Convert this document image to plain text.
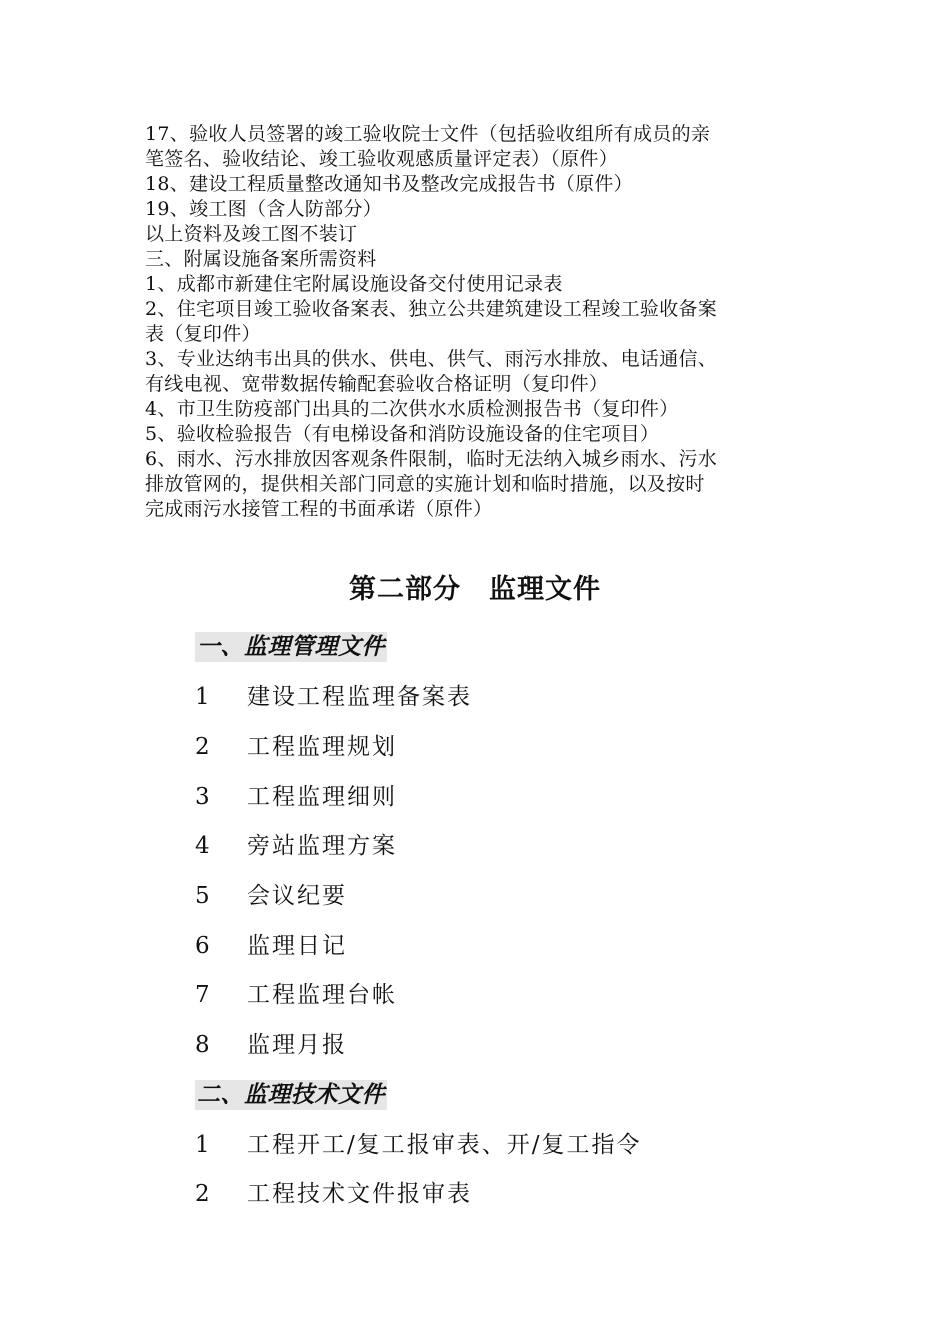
17、验收人员签署的竣工验收院士文件（包括验收组所有成员的亲
笔签名、验收结论、竣工验收观感质量评定表）（原件）
18、建设工程质量整改通知书及整改完成报告书（原件）
19、竣工图（含人防部分）
以上资料及竣工图不装订
三、附属设施备案所需资料
1、成都市新建住宅附属设施设备交付使用记录表
2、住宅项目竣工验收备案表、独立公共建筑建设工程竣工验收备案
表（复印件）
3、专业达纳韦出具的供水、供电、供气、雨污水排放、电话通信、
有线电视、宽带数据传输配套验收合格证明（复印件）
4、市卫生防疫部门出具的二次供水水质检测报告书（复印件）
5、验收检验报告（有电梯设备和消防设施设备的住宅项目）
6、雨水、污水排放因客观条件限制，临时无法纳入城乡雨水、污水
排放管网的，提供相关部门同意的实施计划和临时措施，以及按时
完成雨污水接管工程的书面承诺（原件）
第二部分　监理文件
一、监理管理文件
1 建设工程监理备案表
2 工程监理规划
3 工程监理细则
4 旁站监理方案
5 会议纪要
6 监理日记
7 工程监理台帐
8 监理月报
二、监理技术文件
1 工程开工/复工报审表、开/复工指令
2 工程技术文件报审表
